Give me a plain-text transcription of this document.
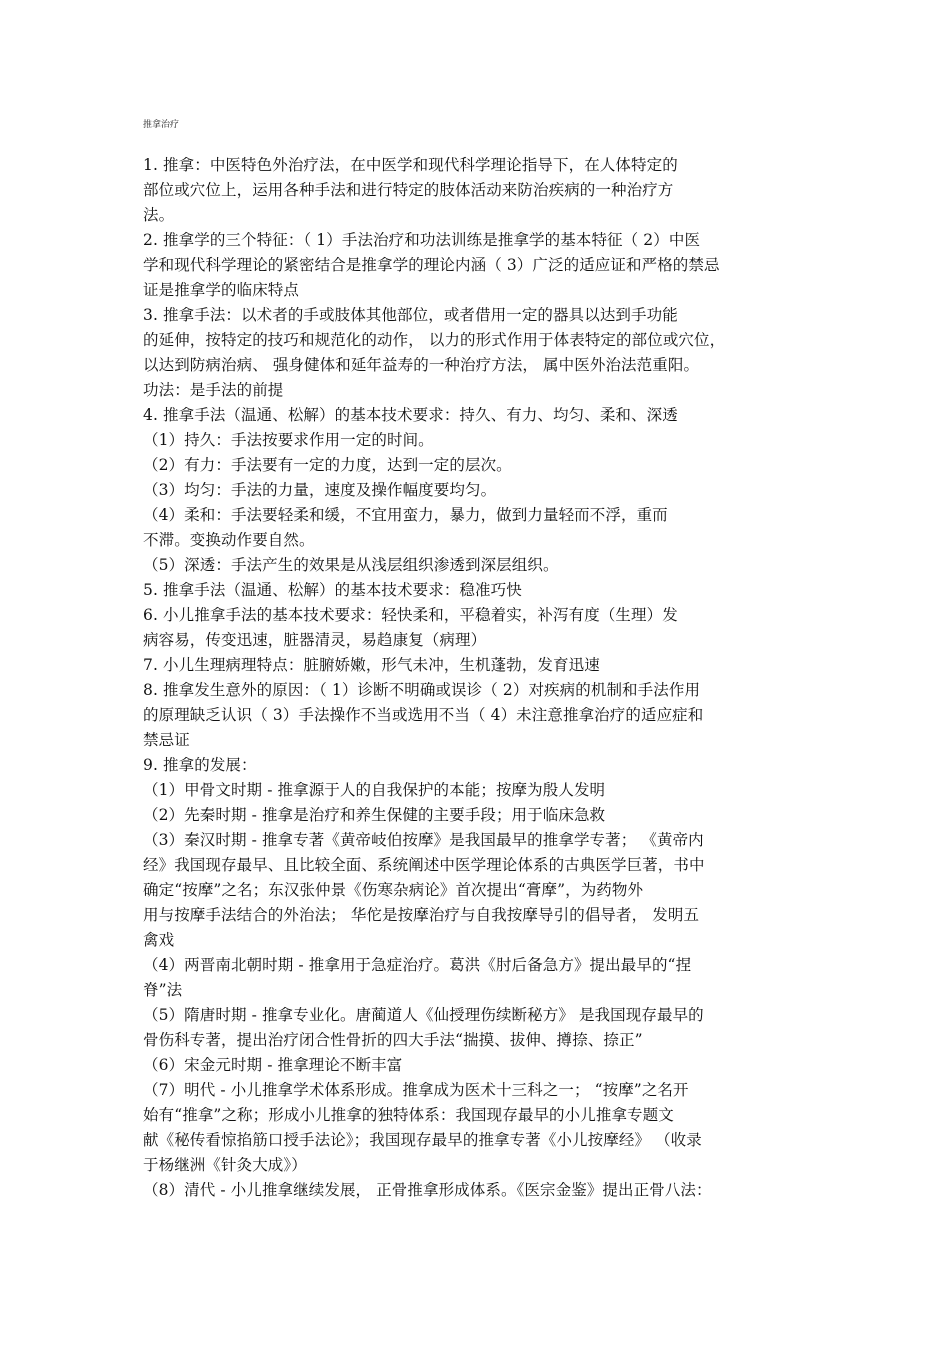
推拿治疗
1. 推拿：中医特色外治疗法，在中医学和现代科学理论指导下，在人体特定的
部位或穴位上，运用各种手法和进行特定的肢体活动来防治疾病的一种治疗方
法。
2. 推拿学的三个特征：（ 1）手法治疗和功法训练是推拿学的基本特征（ 2）中医
学和现代科学理论的紧密结合是推拿学的理论内涵（ 3）广泛的适应证和严格的禁忌
证是推拿学的临床特点
3. 推拿手法：以术者的手或肢体其他部位，或者借用一定的器具以达到手功能
的延伸，按特定的技巧和规范化的动作， 以力的形式作用于体表特定的部位或穴位，
以达到防病治病、 强身健体和延年益寿的一种治疗方法， 属中医外治法范重阳。
功法：是手法的前提
4. 推拿手法（温通、松解）的基本技术要求：持久、有力、均匀、柔和、深透
（1）持久：手法按要求作用一定的时间。
（2）有力：手法要有一定的力度，达到一定的层次。
（3）均匀：手法的力量，速度及操作幅度要均匀。
（4）柔和：手法要轻柔和缓，不宜用蛮力，暴力，做到力量轻而不浮，重而
不滞。变换动作要自然。
（5）深透：手法产生的效果是从浅层组织渗透到深层组织。
5. 推拿手法（温通、松解）的基本技术要求：稳准巧快
6. 小儿推拿手法的基本技术要求：轻快柔和，平稳着实，补泻有度（生理）发
病容易，传变迅速，脏器清灵，易趋康复（病理）
7. 小儿生理病理特点：脏腑娇嫩，形气未冲，生机蓬勃，发育迅速
8. 推拿发生意外的原因：（ 1）诊断不明确或误诊（ 2）对疾病的机制和手法作用
的原理缺乏认识（ 3）手法操作不当或选用不当（ 4）未注意推拿治疗的适应症和
禁忌证
9. 推拿的发展：
（1）甲骨文时期 - 推拿源于人的自我保护的本能；按摩为殷人发明
（2）先秦时期 - 推拿是治疗和养生保健的主要手段；用于临床急救
（3）秦汉时期 - 推拿专著《黄帝岐伯按摩》是我国最早的推拿学专著； 《黄帝内
经》我国现存最早、且比较全面、系统阐述中医学理论体系的古典医学巨著，书中
确定“按摩”之名；东汉张仲景《伤寒杂病论》首次提出“膏摩”，为药物外
用与按摩手法结合的外治法； 华佗是按摩治疗与自我按摩导引的倡导者， 发明五
禽戏
（4）两晋南北朝时期 - 推拿用于急症治疗。葛洪《肘后备急方》提出最早的“捏
脊”法
（5）隋唐时期 - 推拿专业化。唐蔺道人《仙授理伤续断秘方》 是我国现存最早的
骨伤科专著，提出治疗闭合性骨折的四大手法“揣摸、拔伸、撙捺、捺正”
（6）宋金元时期 - 推拿理论不断丰富
（7）明代 - 小儿推拿学术体系形成。推拿成为医术十三科之一； “按摩”之名开
始有“推拿”之称；形成小儿推拿的独特体系：我国现存最早的小儿推拿专题文
献《秘传看惊掐筋口授手法论》；我国现存最早的推拿专著《小儿按摩经》 （收录
于杨继洲《针灸大成》）
（8）清代 - 小儿推拿继续发展， 正骨推拿形成体系。《医宗金鉴》提出正骨八法：
